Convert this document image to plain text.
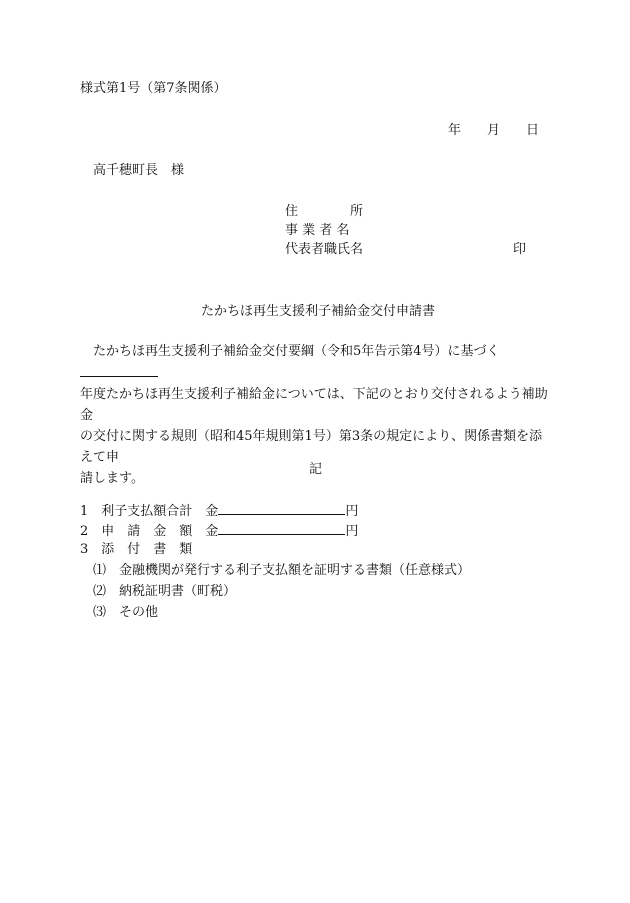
様式第1号（第7条関係）
年 月 日
高千穂町長　様
住　　　　所
事 業 者 名
代表者職氏名	印
たかちほ再生支援利子補給金交付申請書
たかちほ再生支援利子補給金交付要綱（令和5年告示第4号）に基づく
年度たかちほ再生支援利子補給金については、下記のとおり交付されるよう補助金
の交付に関する規則（昭和45年規則第1号）第3条の規定により、関係書類を添えて申
請します。
記
1 利子支払額合計 金	円
2 申　請　金　額 金	円
3 添　付　書　類
⑴ 金融機関が発行する利子支払額を証明する書類（任意様式）
⑵ 納税証明書（町税）
⑶ その他
